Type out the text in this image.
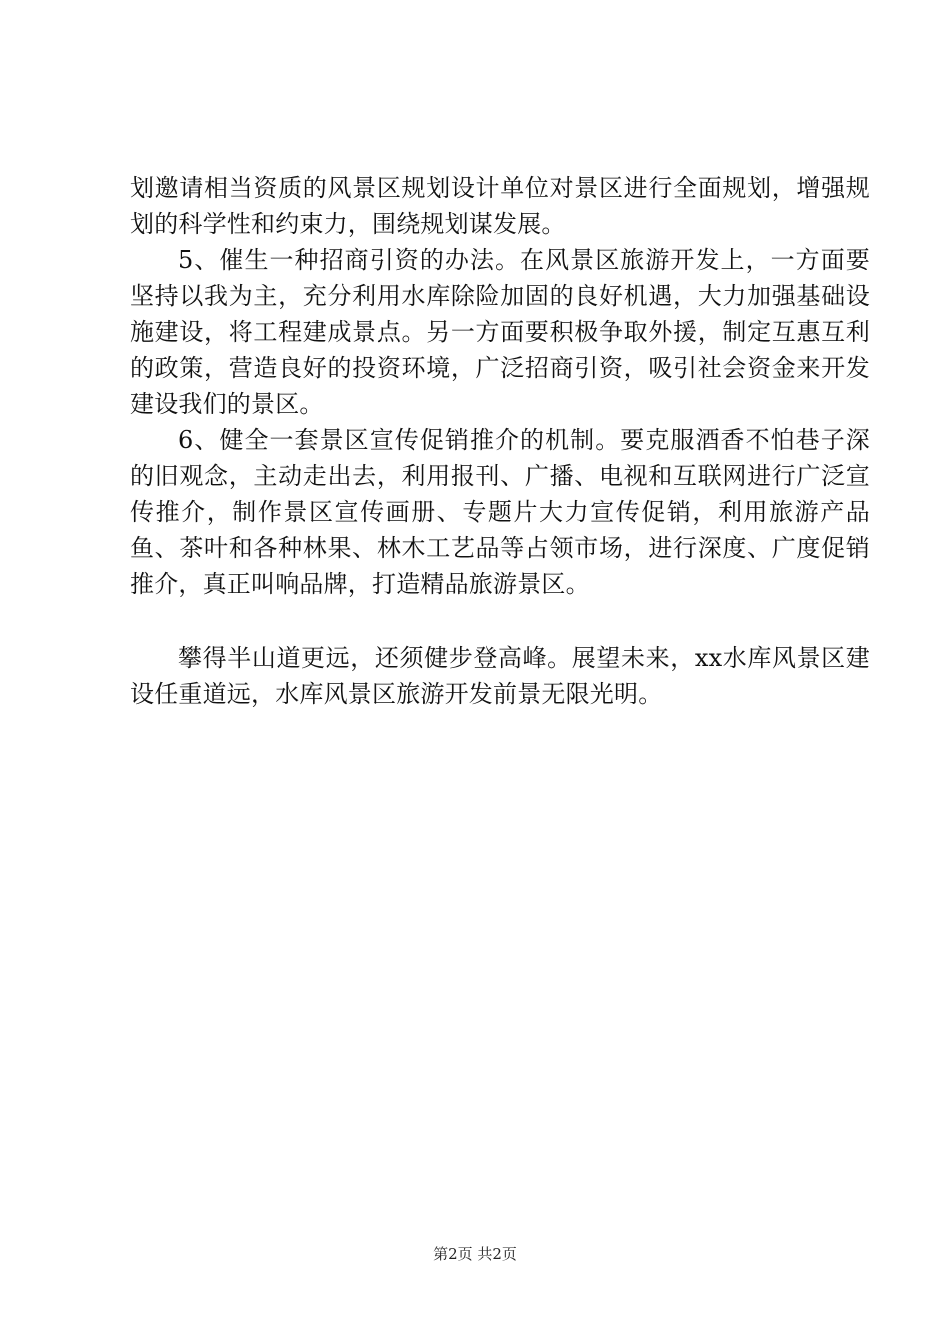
划邀请相当资质的风景区规划设计单位对景区进行全面规划，增强规划的科学性和约束力，围绕规划谋发展。

5、催生一种招商引资的办法。在风景区旅游开发上，一方面要坚持以我为主，充分利用水库除险加固的良好机遇，大力加强基础设施建设，将工程建成景点。另一方面要积极争取外援，制定互惠互利的政策，营造良好的投资环境，广泛招商引资，吸引社会资金来开发建设我们的景区。

6、健全一套景区宣传促销推介的机制。要克服酒香不怕巷子深的旧观念，主动走出去，利用报刊、广播、电视和互联网进行广泛宣传推介，制作景区宣传画册、专题片大力宣传促销，利用旅游产品鱼、茶叶和各种林果、林木工艺品等占领市场，进行深度、广度促销推介，真正叫响品牌，打造精品旅游景区。

攀得半山道更远，还须健步登高峰。展望未来，xx水库风景区建设任重道远，水库风景区旅游开发前景无限光明。

第2页 共2页
